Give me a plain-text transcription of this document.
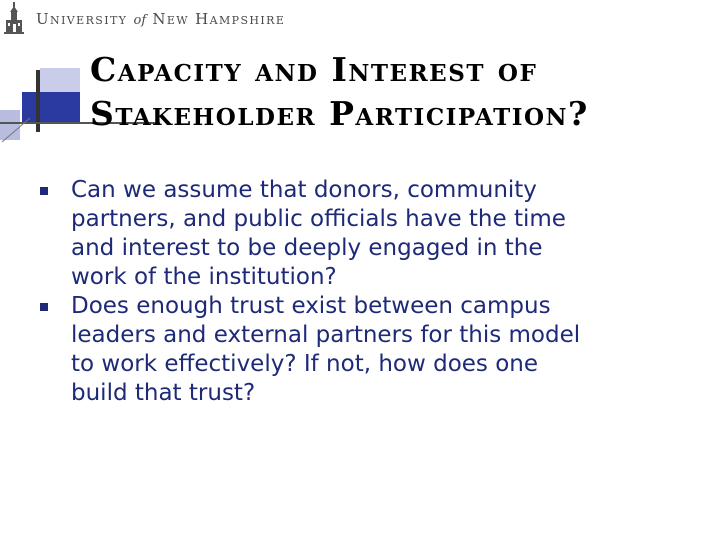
University of New Hampshire
Capacity and Interest of
Stakeholder Participation?
Can we assume that donors, community
partners, and public officials have the time
and interest to be deeply engaged in the
work of the institution?
Does enough trust exist between campus
leaders and external partners for this model
to work effectively? If not, how does one
build that trust?
